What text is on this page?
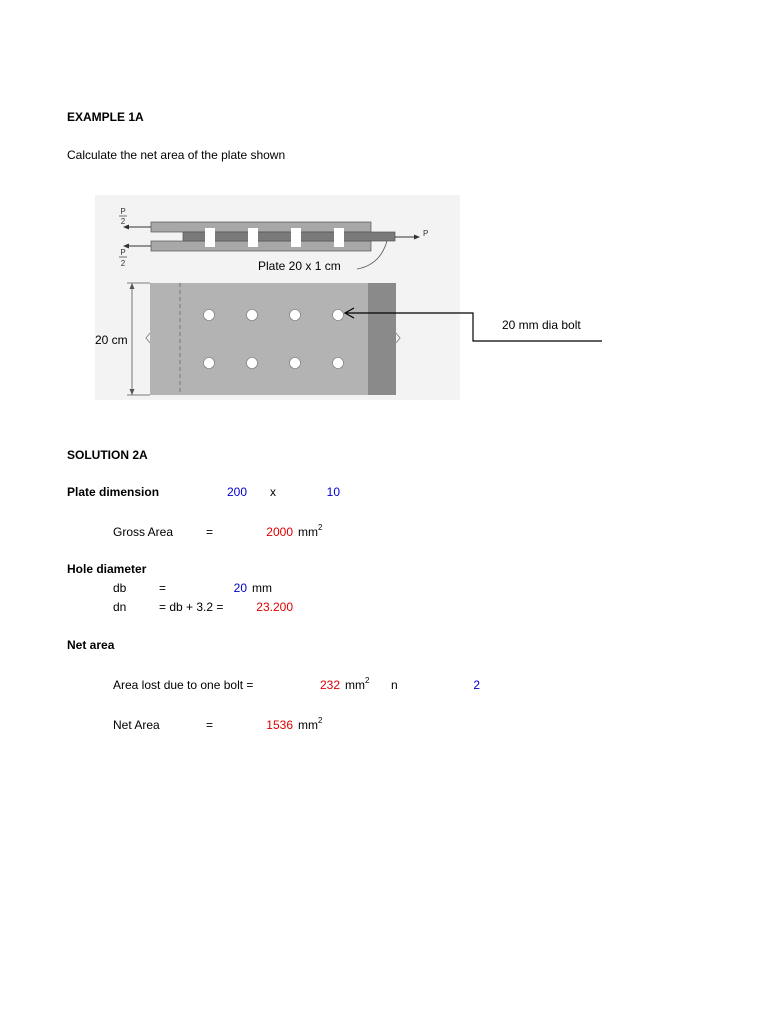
EXAMPLE 1A
Calculate the net area of the plate shown
P
2
P
2
P
Plate 20 x 1 cm
20 cm
20 mm dia bolt
SOLUTION 2A
Plate dimension	200 x	10
Gross Area	=	2000 $mm^2$
Hole diameter
db	=	20 mm
dn	= db + 3.2 =	23.200
Net area
Area lost due to one bolt =	232 $mm^2$ n	2
Net Area	=	1536 $mm^2$
